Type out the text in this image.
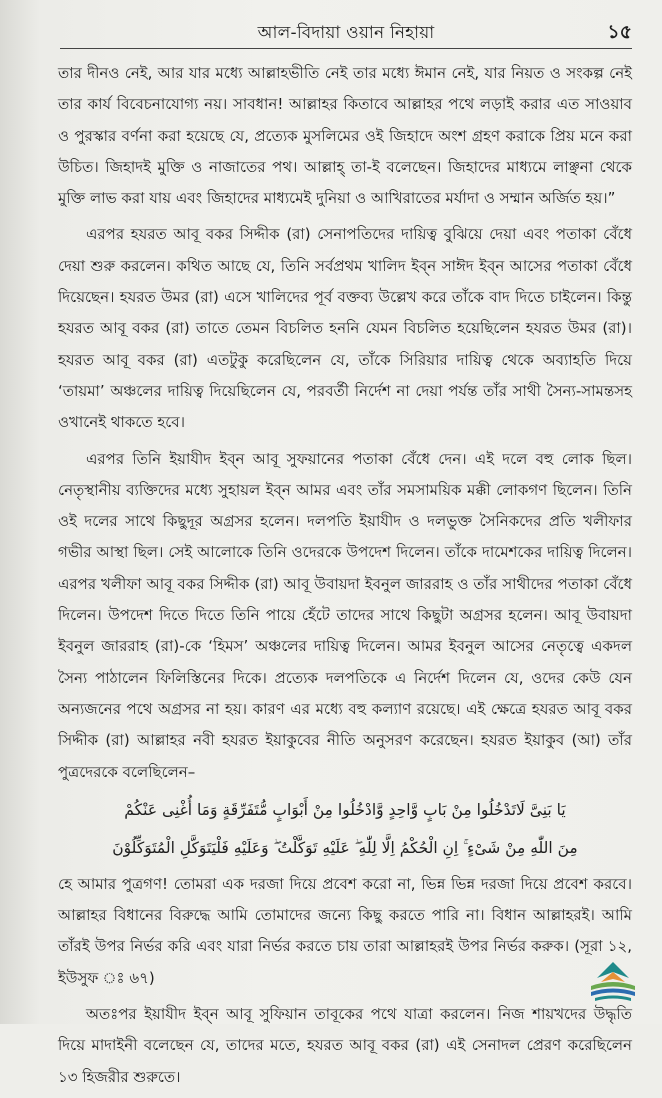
আল-বিদায়া ওয়ান নিহায়া	১৫

তার দীনও নেই, আর যার মধ্যে আল্লাহভীতি নেই তার মধ্যে ঈমান নেই, যার নিয়ত ও সংকল্প নেই তার কার্য বিবেচনাযোগ্য নয়। সাবধান! আল্লাহর কিতাবে আল্লাহর পথে লড়াই করার এত সাওয়াব ও পুরস্কার বর্ণনা করা হয়েছে যে, প্রত্যেক মুসলিমের ওই জিহাদে অংশ গ্রহণ করাকে প্রিয় মনে করা উচিত। জিহাদই মুক্তি ও নাজাতের পথ। আল্লাহ্ তা-ই বলেছেন। জিহাদের মাধ্যমে লাঞ্ছনা থেকে মুক্তি লাভ করা যায় এবং জিহাদের মাধ্যমেই দুনিয়া ও আখিরাতের মর্যাদা ও সম্মান অর্জিত হয়।”

এরপর হযরত আবূ বকর সিদ্দীক (রা) সেনাপতিদের দায়িত্ব বুঝিয়ে দেয়া এবং পতাকা বেঁধে দেয়া শুরু করলেন। কথিত আছে যে, তিনি সর্বপ্রথম খালিদ ইব্‌ন সাঈদ ইব্‌ন আসের পতাকা বেঁধে দিয়েছেন। হযরত উমর (রা) এসে খালিদের পূর্ব বক্তব্য উল্লেখ করে তাঁকে বাদ দিতে চাইলেন। কিন্তু হযরত আবূ বকর (রা) তাতে তেমন বিচলিত হননি যেমন বিচলিত হয়েছিলেন হযরত উমর (রা)। হযরত আবূ বকর (রা) এতটুকু করেছিলেন যে, তাঁকে সিরিয়ার দায়িত্ব থেকে অব্যাহতি দিয়ে ‘তায়মা’ অঞ্চলের দায়িত্ব দিয়েছিলেন যে, পরবর্তী নির্দেশ না দেয়া পর্যন্ত তাঁর সাথী সৈন্য-সামন্তসহ ওখানেই থাকতে হবে।

এরপর তিনি ইয়াযীদ ইব্‌ন আবূ সুফয়ানের পতাকা বেঁধে দেন। এই দলে বহু লোক ছিল। নেতৃস্থানীয় ব্যক্তিদের মধ্যে সুহায়ল ইব্‌ন আমর এবং তাঁর সমসাময়িক মক্কী লোকগণ ছিলেন। তিনি ওই দলের সাথে কিছুদূর অগ্রসর হলেন। দলপতি ইয়াযীদ ও দলভুক্ত সৈনিকদের প্রতি খলীফার গভীর আস্থা ছিল। সেই আলোকে তিনি ওদেরকে উপদেশ দিলেন। তাঁকে দামেশকের দায়িত্ব দিলেন। এরপর খলীফা আবূ বকর সিদ্দীক (রা) আবূ উবায়দা ইবনুল জাররাহ ও তাঁর সাথীদের পতাকা বেঁধে দিলেন। উপদেশ দিতে দিতে তিনি পায়ে হেঁটে তাদের সাথে কিছুটা অগ্রসর হলেন। আবূ উবায়দা ইবনুল জাররাহ (রা)-কে ‘হিমস’ অঞ্চলের দায়িত্ব দিলেন। আমর ইবনুল আসের নেতৃত্বে একদল সৈন্য পাঠালেন ফিলিস্তিনের দিকে। প্রত্যেক দলপতিকে এ নির্দেশ দিলেন যে, ওদের কেউ যেন অন্যজনের পথে অগ্রসর না হয়। কারণ এর মধ্যে বহু কল্যাণ রয়েছে। এই ক্ষেত্রে হযরত আবূ বকর সিদ্দীক (রা) আল্লাহর নবী হযরত ইয়াকুবের নীতি অনুসরণ করেছেন। হযরত ইয়াকুব (আ) তাঁর পুত্রদেরকে বলেছিলেন–

يَا بَنِىَّ لَاتَدْخُلُوا مِنْ بَابٍ وَّاحِدٍ وَّادْخُلُوا مِنْ أَبْوَابٍ مُّتَفَرِّقَةٍ وَمَا أُغْنِى عَنْكُمْ
مِنَ اللّٰهِ مِنْ شَىْءٍ ۚ اِنِ الْحُكْمُ اِلَّا لِلّٰهِ ۖ عَلَيْهِ تَوَكَّلْتُ ۖ وَعَلَيْهِ فَلْيَتَوَكَّلِ الْمُتَوَكِّلُوْنَ

হে আমার পুত্রগণ! তোমরা এক দরজা দিয়ে প্রবেশ করো না, ভিন্ন ভিন্ন দরজা দিয়ে প্রবেশ করবে। আল্লাহর বিধানের বিরুদ্ধে আমি তোমাদের জন্যে কিছু করতে পারি না। বিধান আল্লাহরই। আমি তাঁরই উপর নির্ভর করি এবং যারা নির্ভর করতে চায় তারা আল্লাহরই উপর নির্ভর করুক। (সূরা ১২, ইউসুফ ঃ ৬৭)

অতঃপর ইয়াযীদ ইব্‌ন আবূ সুফিয়ান তাবূকের পথে যাত্রা করলেন। নিজ শায়খদের উদ্ধৃতি দিয়ে মাদাইনী বলেছেন যে, তাদের মতে, হযরত আবূ বকর (রা) এই সেনাদল প্রেরণ করেছিলেন ১৩ হিজরীর শুরুতে।
